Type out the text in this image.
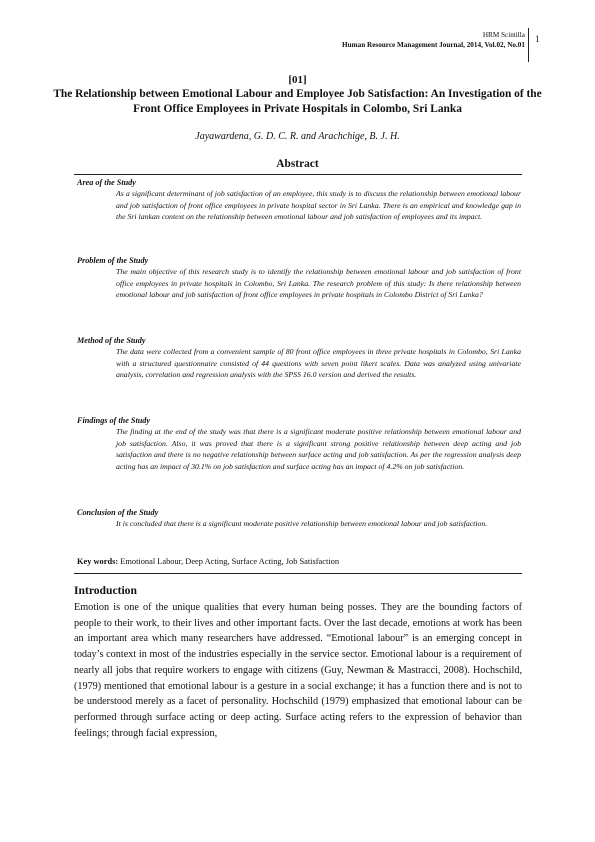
HRM Scintilla
Human Resource Management Journal, 2014, Vol.02, No.01
1
[01]
The Relationship between Emotional Labour and Employee Job Satisfaction: An Investigation of the Front Office Employees in Private Hospitals in Colombo, Sri Lanka
Jayawardena, G. D. C. R. and Arachchige, B. J. H.
Abstract
Area of the Study

As a significant determinant of job satisfaction of an employee, this study is to discuss the relationship between emotional labour and job satisfaction of front office employees in private hospital sector in Sri Lanka. There is an empirical and knowledge gap in the Sri lankan context on the relationship between emotional labour and job satisfaction of employees and its impact.

Problem of the Study

The main objective of this research study is to identify the relationship between emotional labour and job satisfaction of front office employees in private hospitals in Colombo, Sri Lanka. The research problem of this study: Is there relationship between emotional labour and job satisfaction of front office employees in private hospitals in Colombo District of Sri Lanka?

Method of the Study

The data were collected from a convenient sample of 80 front office employees in three private hospitals in Colombo, Sri Lanka with a structured questionnaire consisted of 44 questions with seven point likert scales. Data was analyzed using univariate analysis, correlation and regression analysis with the SPSS 16.0 version and derived the results.

Findings of the Study

The finding at the end of the study was that there is a significant moderate positive relationship between emotional labour and job satisfaction. Also, it was proved that there is a significant strong positive relationship between deep acting and job satisfaction and there is no negative relationship between surface acting and job satisfaction. As per the regression analysis deep acting has an impact of 30.1% on job satisfaction and surface acting has an impact of 4.2% on job satisfaction.

Conclusion of the Study

It is concluded that there is a significant moderate positive relationship between emotional labour and job satisfaction.

Key words: Emotional Labour, Deep Acting, Surface Acting, Job Satisfaction
Introduction

Emotion is one of the unique qualities that every human being posses. They are the bounding factors of people to their work, to their lives and other important facts. Over the last decade, emotions at work has been an important area which many researchers have addressed. “Emotional labour” is an emerging concept in today’s context in most of the industries especially in the service sector. Emotional labour is a requirement of nearly all jobs that require workers to engage with citizens (Guy, Newman & Mastracci, 2008). Hochschild, (1979) mentioned that emotional labour is a gesture in a social exchange; it has a function there and is not to be understood merely as a facet of personality. Hochschild (1979) emphasized that emotional labour can be performed through surface acting or deep acting. Surface acting refers to the expression of behavior than feelings; through facial expression,
